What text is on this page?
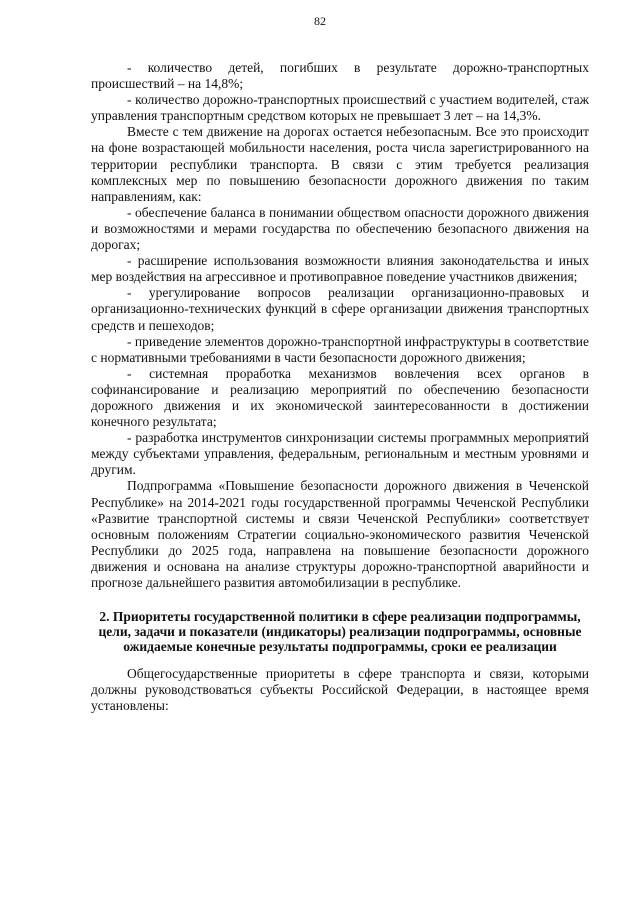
82

- количество детей, погибших в результате дорожно-транспортных происшествий – на 14,8%;

- количество дорожно-транспортных происшествий с участием водителей, стаж управления транспортным средством которых не превышает 3 лет – на 14,3%.

Вместе с тем движение на дорогах остается небезопасным. Все это происходит на фоне возрастающей мобильности населения, роста числа зарегистрированного на территории республики транспорта. В связи с этим требуется реализация комплексных мер по повышению безопасности дорожного движения по таким направлениям, как:

- обеспечение баланса в понимании обществом опасности дорожного движения и возможностями и мерами государства по обеспечению безопасного движения на дорогах;

- расширение использования возможности влияния законодательства и иных мер воздействия на агрессивное и противоправное поведение участников движения;

- урегулирование вопросов реализации организационно-правовых и организационно-технических функций в сфере организации движения транспортных средств и пешеходов;

- приведение элементов дорожно-транспортной инфраструктуры в соответствие с нормативными требованиями в части безопасности дорожного движения;

- системная проработка механизмов вовлечения всех органов в софинансирование и реализацию мероприятий по обеспечению безопасности дорожного движения и их экономической заинтересованности в достижении конечного результата;

- разработка инструментов синхронизации системы программных мероприятий между субъектами управления, федеральным, региональным и местным уровнями и другим.

Подпрограмма «Повышение безопасности дорожного движения в Чеченской Республике» на 2014-2021 годы государственной программы Чеченской Республики «Развитие транспортной системы и связи Чеченской Республики» соответствует основным положениям Стратегии социально-экономического развития Чеченской Республики до 2025 года, направлена на повышение безопасности дорожного движения и основана на анализе структуры дорожно-транспортной аварийности и прогнозе дальнейшего развития автомобилизации в республике.

2. Приоритеты государственной политики в сфере реализации подпрограммы, цели, задачи и показатели (индикаторы) реализации подпрограммы, основные ожидаемые конечные результаты подпрограммы, сроки ее реализации

Общегосударственные приоритеты в сфере транспорта и связи, которыми должны руководствоваться субъекты Российской Федерации, в настоящее время установлены:
